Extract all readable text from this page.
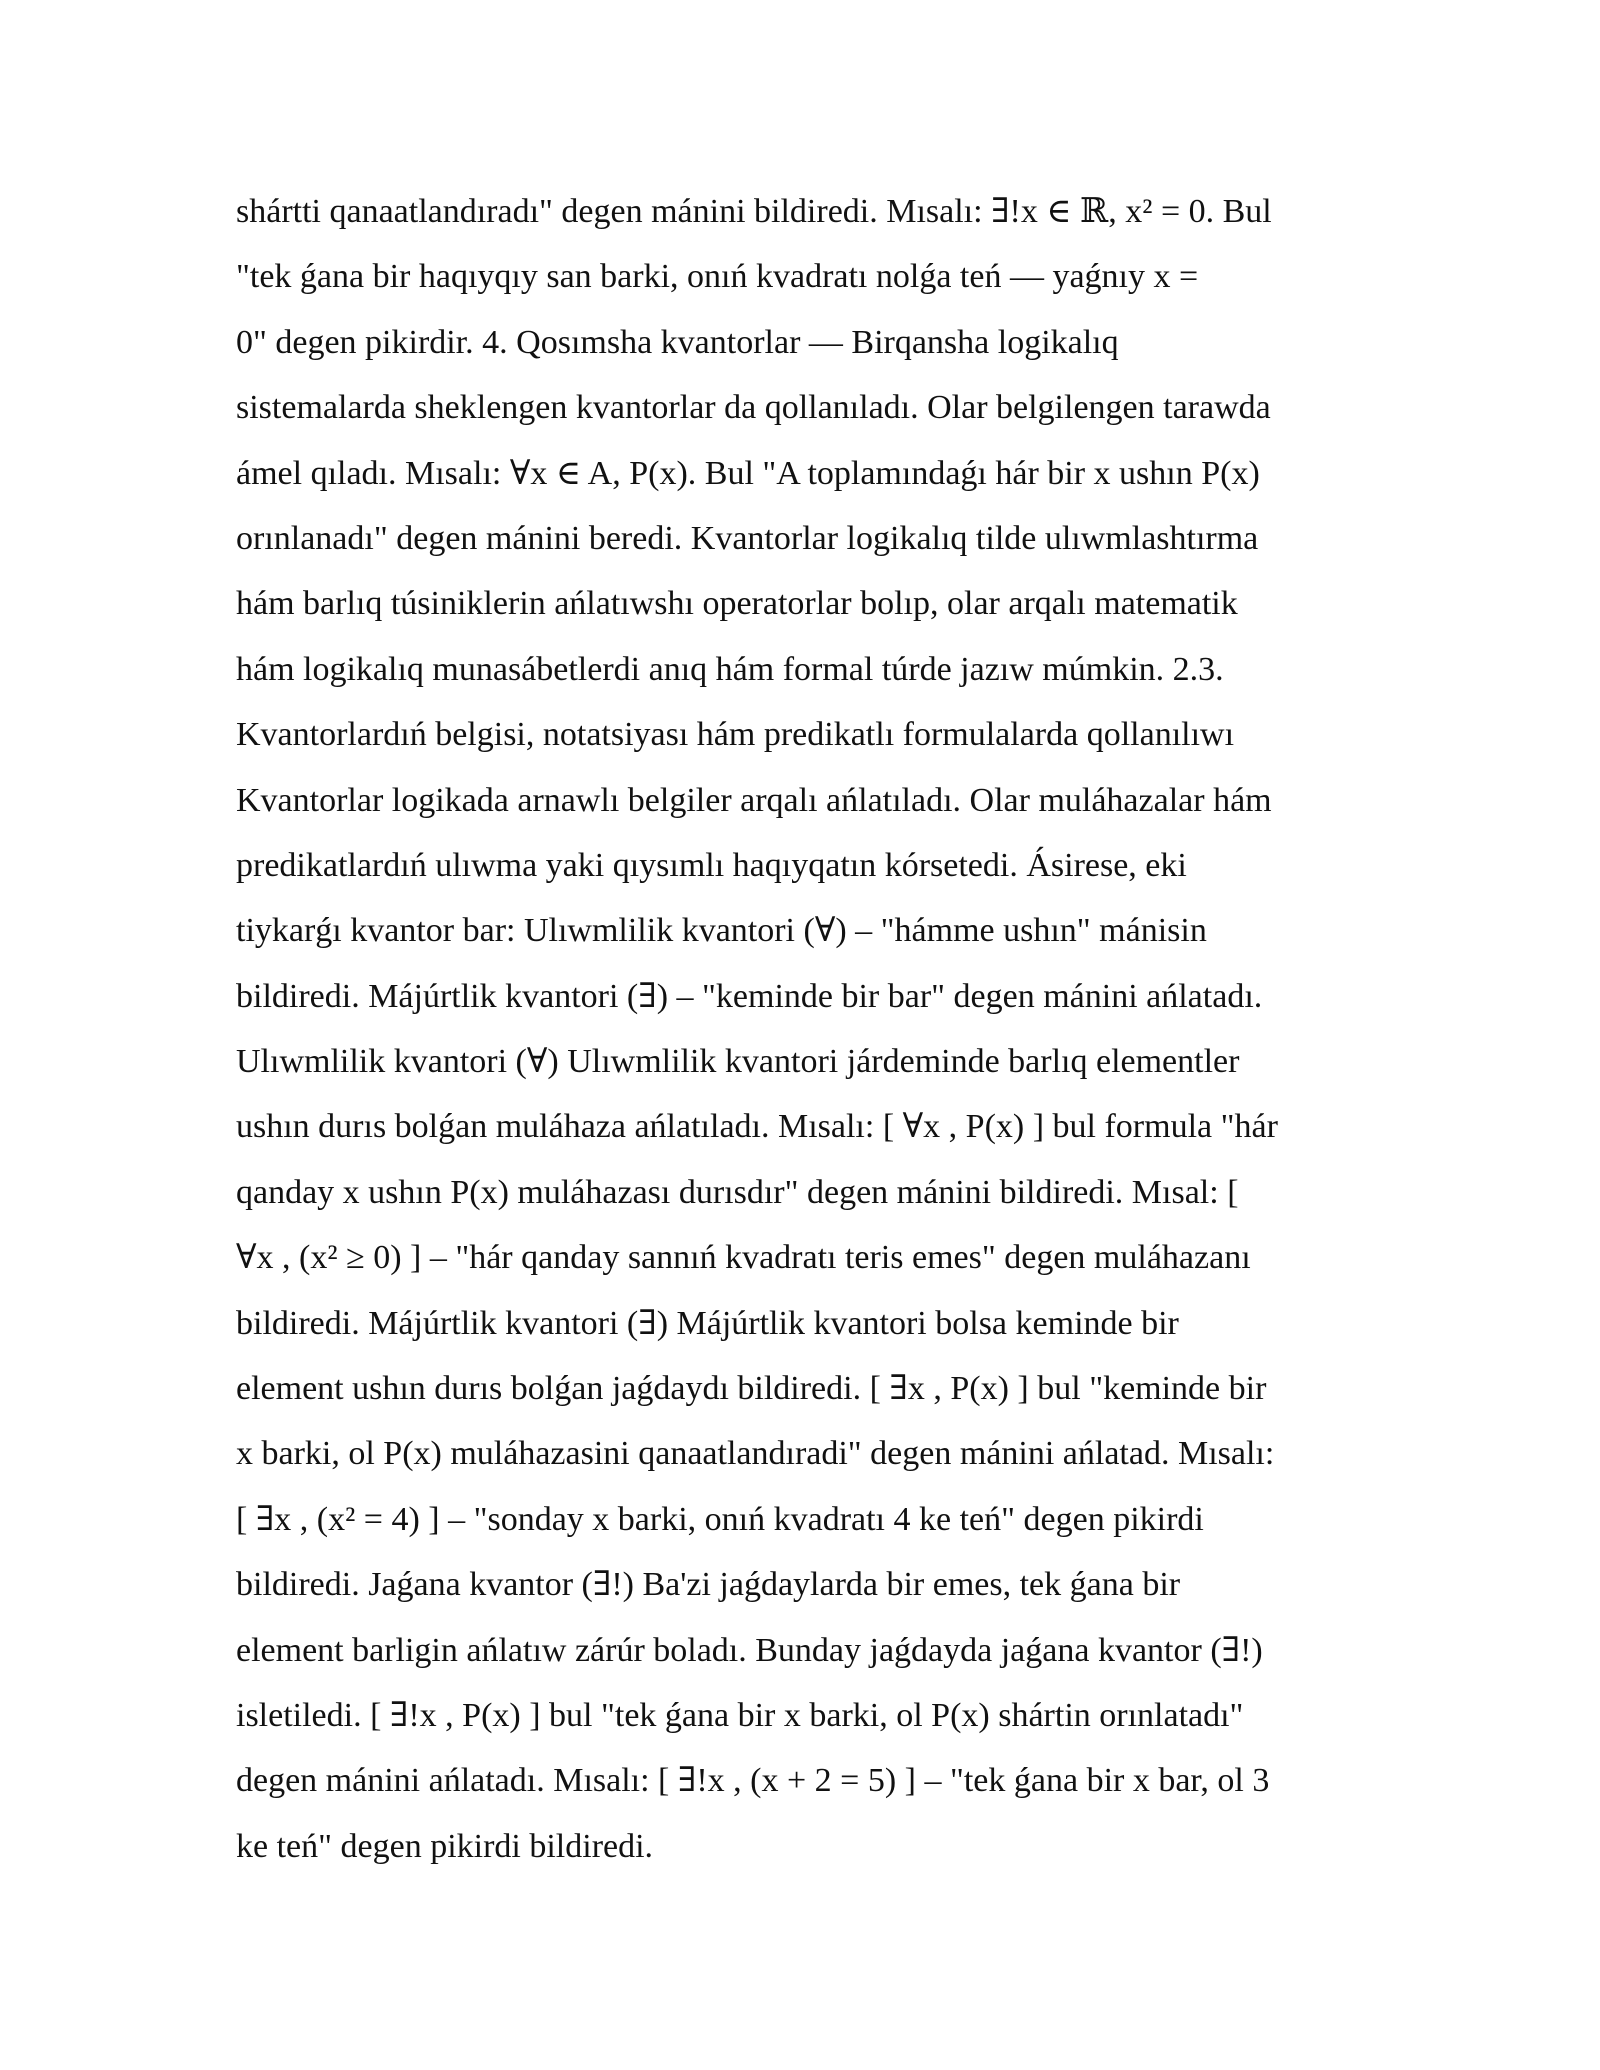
shártti qanaatlandıradı" degen mánini bildiredi. Mısalı: ∃!x ∈ ℝ, x² = 0. Bul
"tek ǵana bir haqıyqıy san barki, onıń kvadratı nolǵa teń — yaǵnıy x =
0" degen pikirdir. 4. Qosımsha kvantorlar — Birqansha logikalıq
sistemalarda sheklengen kvantorlar da qollanıladı. Olar belgilengen tarawda
ámel qıladı. Mısalı: ∀x ∈ A, P(x). Bul "A toplamındaǵı hár bir x ushın P(x)
orınlanadı" degen mánini beredi. Kvantorlar logikalıq tilde ulıwmlashtırma
hám barlıq túsiniklerin ańlatıwshı operatorlar bolıp, olar arqalı matematik
hám logikalıq munasábetlerdi anıq hám formal túrde jazıw múmkin. 2.3.
Kvantorlardıń belgisi, notatsiyası hám predikatlı formulalarda qollanılıwı
Kvantorlar logikada arnawlı belgiler arqalı ańlatıladı. Olar muláhazalar hám
predikatlardıń ulıwma yaki qıysımlı haqıyqatın kórsetedi. Ásirese, eki
tiykarǵı kvantor bar: Ulıwmlilik kvantori (∀) – "hámme ushın" mánisin
bildiredi. Májúrtlik kvantori (∃) – "keminde bir bar" degen mánini ańlatadı.
Ulıwmlilik kvantori (∀) Ulıwmlilik kvantori járdeminde barlıq elementler
ushın durıs bolǵan muláhaza ańlatıladı. Mısalı: [ ∀x , P(x) ] bul formula "hár
qanday x ushın P(x) muláhazası durısdır" degen mánini bildiredi. Mısal: [
∀x , (x² ≥ 0) ] – "hár qanday sannıń kvadratı teris emes" degen muláhazanı
bildiredi. Májúrtlik kvantori (∃) Májúrtlik kvantori bolsa keminde bir
element ushın durıs bolǵan jaǵdaydı bildiredi. [ ∃x , P(x) ] bul "keminde bir
x barki, ol P(x) muláhazasini qanaatlandıradi" degen mánini ańlatad. Mısalı:
[ ∃x , (x² = 4) ] – "sonday x barki, onıń kvadratı 4 ke teń" degen pikirdi
bildiredi. Jaǵana kvantor (∃!) Ba'zi jaǵdaylarda bir emes, tek ǵana bir
element barligin ańlatıw zárúr boladı. Bunday jaǵdayda jaǵana kvantor (∃!)
isletiledi. [ ∃!x , P(x) ] bul "tek ǵana bir x barki, ol P(x) shártin orınlatadı"
degen mánini ańlatadı. Mısalı: [ ∃!x , (x + 2 = 5) ] – "tek ǵana bir x bar, ol 3
ke teń" degen pikirdi bildiredi.
